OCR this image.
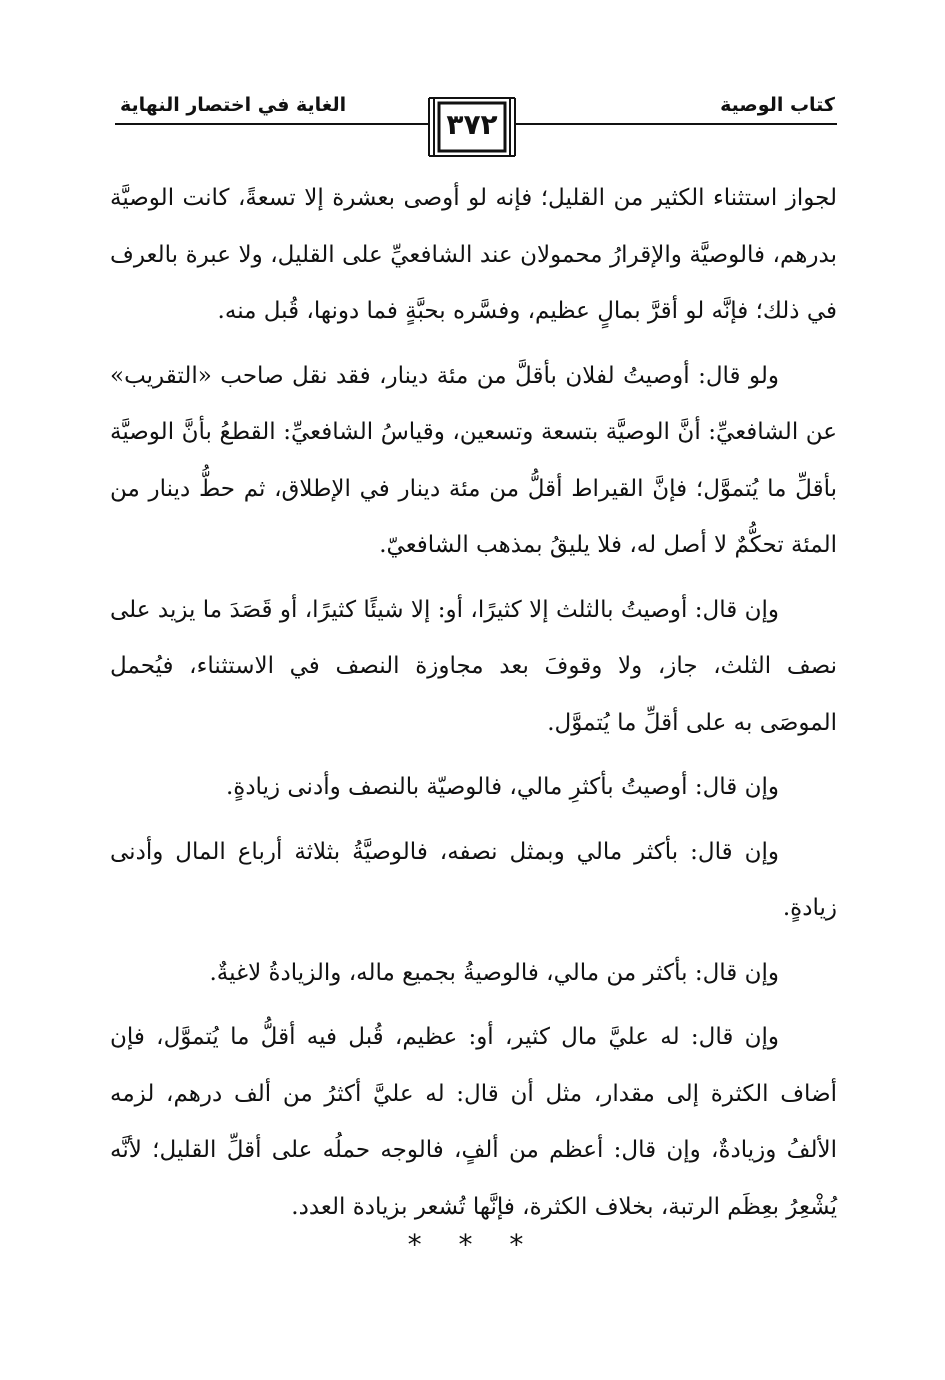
كتاب الوصية
الغاية في اختصار النهاية
٣٧٢

لجواز استثناء الكثير من القليل؛ فإنه لو أوصى بعشرة إلا تسعةً، كانت الوصيَّة بدرهم، فالوصيَّة والإقرارُ محمولان عند الشافعيِّ على القليل، ولا عبرة بالعرف في ذلك؛ فإنَّه لو أقرَّ بمالٍ عظيم، وفسَّره بحبَّةٍ فما دونها، قُبل منه.

ولو قال: أوصيتُ لفلان بأقلَّ من مئة دينار، فقد نقل صاحب «التقريب» عن الشافعيِّ: أنَّ الوصيَّة بتسعة وتسعين، وقياسُ الشافعيِّ: القطعُ بأنَّ الوصيَّة بأقلِّ ما يُتموَّل؛ فإنَّ القيراط أقلُّ من مئة دينار في الإطلاق، ثم حطُّ دينار من المئة تحكُّمٌ لا أصل له، فلا يليقُ بمذهب الشافعيّ.

وإن قال: أوصيتُ بالثلث إلا كثيرًا، أو: إلا شيئًا كثيرًا، أو قَصَدَ ما يزيد على نصف الثلث، جاز، ولا وقوفَ بعد مجاوزة النصف في الاستثناء، فيُحمل الموصَى به على أقلِّ ما يُتموَّل.

وإن قال: أوصيتُ بأكثرِ مالي، فالوصيّة بالنصف وأدنى زيادةٍ.

وإن قال: بأكثر مالي وبمثل نصفه، فالوصيَّةُ بثلاثة أرباع المال وأدنى زيادةٍ.

وإن قال: بأكثر من مالي، فالوصيةُ بجميع ماله، والزيادةُ لاغيةٌ.

وإن قال: له عليَّ مال كثير، أو: عظيم، قُبل فيه أقلُّ ما يُتموَّل، فإن أضاف الكثرة إلى مقدار، مثل أن قال: له عليَّ أكثرُ من ألف درهم، لزمه الألفُ وزيادةٌ، وإن قال: أعظم من ألفٍ، فالوجه حملُه على أقلِّ القليل؛ لأنَّه يُشْعِرُ بعِظَم الرتبة، بخلاف الكثرة، فإنَّها تُشعر بزيادة العدد.

* * *
